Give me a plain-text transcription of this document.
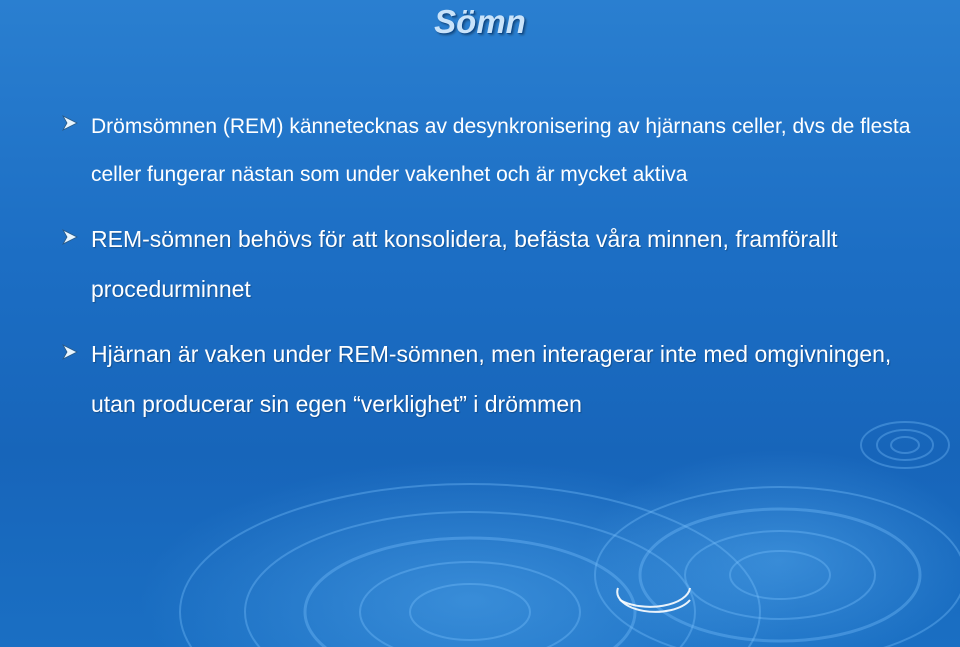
Sömn
Drömsömnen (REM) kännetecknas av desynkronisering av hjärnans celler, dvs de flesta celler fungerar nästan som under vakenhet och är mycket aktiva
REM-sömnen behövs för att konsolidera, befästa våra minnen, framförallt procedurminnet
Hjärnan är vaken under REM-sömnen, men interagerar inte med omgivningen, utan producerar sin egen “verklighet” i drömmen
